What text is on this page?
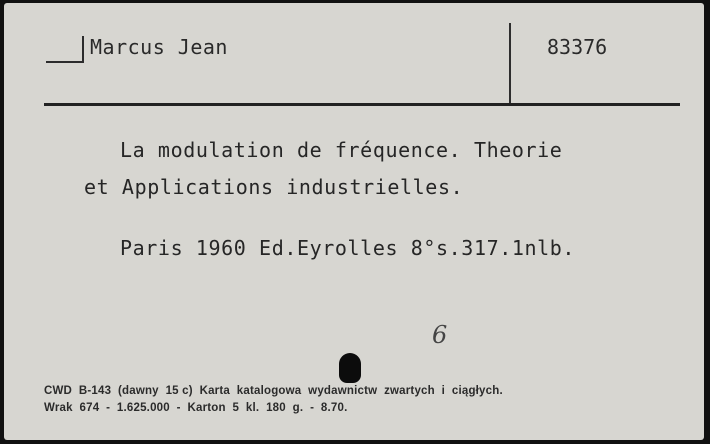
Marcus Jean	83376
La modulation de fréquence. Theorie
et Applications industrielles.
Paris 1960 Ed.Eyrolles 8°s.317.1nlb.
6
CWD  B-143  (dawny  15 c)  Karta  katalogowa  wydawnictw  zwartych  i  ciągłych.
Wrak  674  -  1.625.000  -  Karton  5  kl.  180  g.  -  8.70.
